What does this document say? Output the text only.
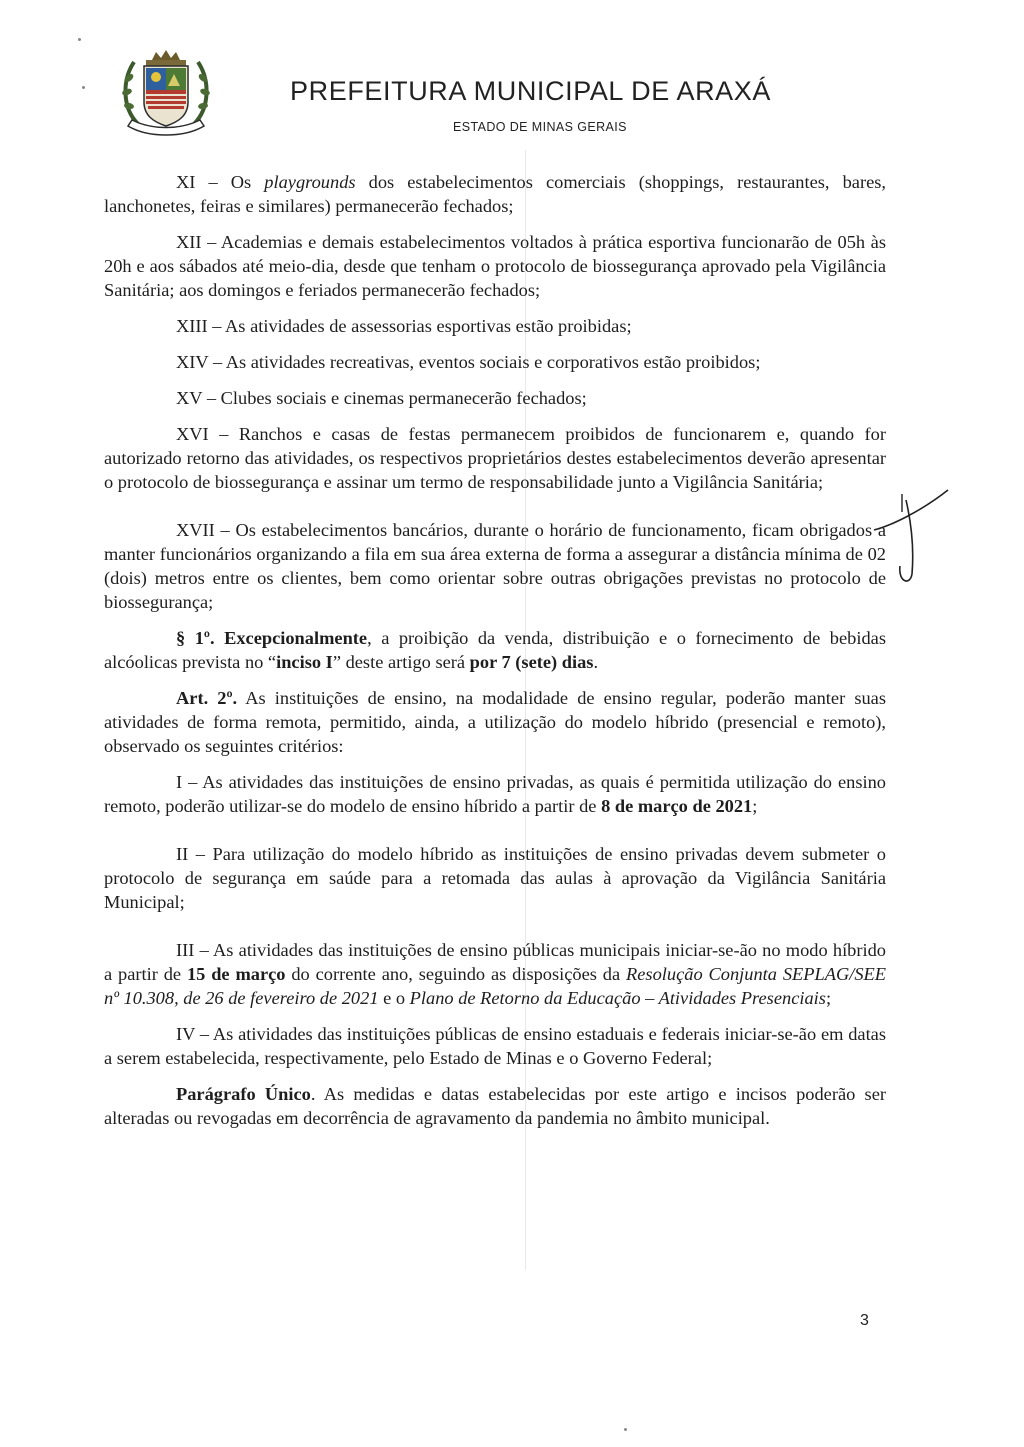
PREFEITURA MUNICIPAL DE ARAXÁ
ESTADO DE MINAS GERAIS

XI – Os playgrounds dos estabelecimentos comerciais (shoppings, restaurantes, bares, lanchonetes, feiras e similares) permanecerão fechados;

XII – Academias e demais estabelecimentos voltados à prática esportiva funcionarão de 05h às 20h e aos sábados até meio-dia, desde que tenham o protocolo de biossegurança aprovado pela Vigilância Sanitária; aos domingos e feriados permanecerão fechados;

XIII – As atividades de assessorias esportivas estão proibidas;

XIV – As atividades recreativas, eventos sociais e corporativos estão proibidos;

XV – Clubes sociais e cinemas permanecerão fechados;

XVI – Ranchos e casas de festas permanecem proibidos de funcionarem e, quando for autorizado retorno das atividades, os respectivos proprietários destes estabelecimentos deverão apresentar o protocolo de biossegurança e assinar um termo de responsabilidade junto a Vigilância Sanitária;

XVII – Os estabelecimentos bancários, durante o horário de funcionamento, ficam obrigados a manter funcionários organizando a fila em sua área externa de forma a assegurar a distância mínima de 02 (dois) metros entre os clientes, bem como orientar sobre outras obrigações previstas no protocolo de biossegurança;

§ 1º. Excepcionalmente, a proibição da venda, distribuição e o fornecimento de bebidas alcóolicas prevista no “inciso I” deste artigo será por 7 (sete) dias.

Art. 2º. As instituições de ensino, na modalidade de ensino regular, poderão manter suas atividades de forma remota, permitido, ainda, a utilização do modelo híbrido (presencial e remoto), observado os seguintes critérios:

I – As atividades das instituições de ensino privadas, as quais é permitida utilização do ensino remoto, poderão utilizar-se do modelo de ensino híbrido a partir de 8 de março de 2021;

II – Para utilização do modelo híbrido as instituições de ensino privadas devem submeter o protocolo de segurança em saúde para a retomada das aulas à aprovação da Vigilância Sanitária Municipal;

III – As atividades das instituições de ensino públicas municipais iniciar-se-ão no modo híbrido a partir de 15 de março do corrente ano, seguindo as disposições da Resolução Conjunta SEPLAG/SEE nº 10.308, de 26 de fevereiro de 2021 e o Plano de Retorno da Educação – Atividades Presenciais;

IV – As atividades das instituições públicas de ensino estaduais e federais iniciar-se-ão em datas a serem estabelecida, respectivamente, pelo Estado de Minas e o Governo Federal;

Parágrafo Único. As medidas e datas estabelecidas por este artigo e incisos poderão ser alteradas ou revogadas em decorrência de agravamento da pandemia no âmbito municipal.

3
